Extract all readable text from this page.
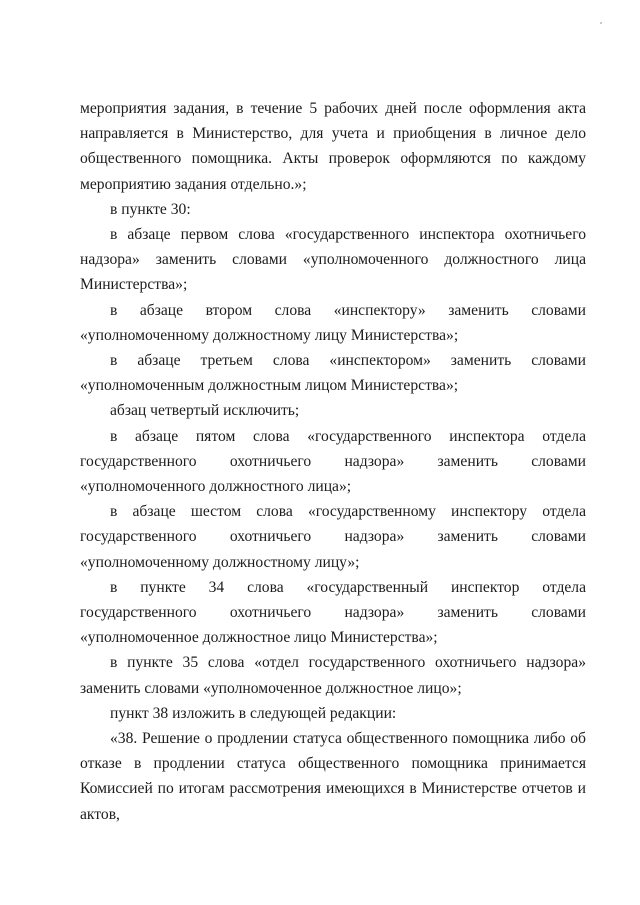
мероприятия задания, в течение 5 рабочих дней после оформления акта направляется в Министерство, для учета и приобщения в личное дело общественного помощника. Акты проверок оформляются по каждому мероприятию задания отдельно.»;

в пункте 30:

в абзаце первом слова «государственного инспектора охотничьего надзора» заменить словами «уполномоченного должностного лица Министерства»;

в абзаце втором слова «инспектору» заменить словами «уполномоченному должностному лицу Министерства»;

в абзаце третьем слова «инспектором» заменить словами «уполномоченным должностным лицом Министерства»;

абзац четвертый исключить;

в абзаце пятом слова «государственного инспектора отдела государственного охотничьего надзора» заменить словами «уполномоченного должностного лица»;

в абзаце шестом слова «государственному инспектору отдела государственного охотничьего надзора» заменить словами «уполномоченному должностному лицу»;

в пункте 34 слова «государственный инспектор отдела государственного охотничьего надзора» заменить словами «уполномоченное должностное лицо Министерства»;

в пункте 35 слова «отдел государственного охотничьего надзора» заменить словами «уполномоченное должностное лицо»;

пункт 38 изложить в следующей редакции:

«38. Решение о продлении статуса общественного помощника либо об отказе в продлении статуса общественного помощника принимается Комиссией по итогам рассмотрения имеющихся в Министерстве отчетов и актов,
